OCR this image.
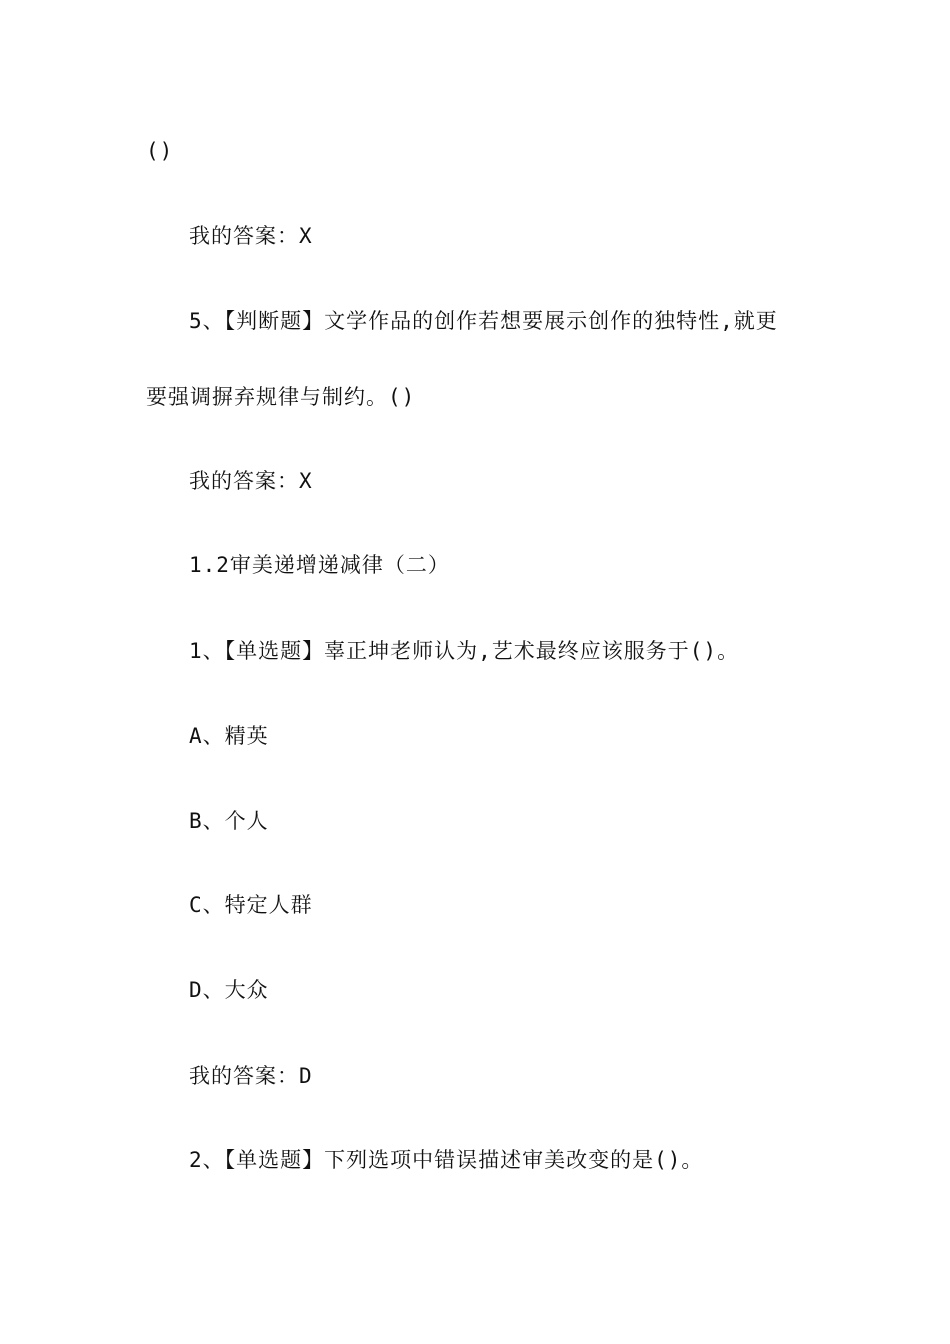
()
我的答案：X
5、【判断题】文学作品的创作若想要展示创作的独特性,就更
要强调摒弃规律与制约。()
我的答案：X
1.2审美递增递减律（二）
1、【单选题】辜正坤老师认为,艺术最终应该服务于()。
A、精英
B、个人
C、特定人群
D、大众
我的答案：D
2、【单选题】下列选项中错误描述审美改变的是()。
